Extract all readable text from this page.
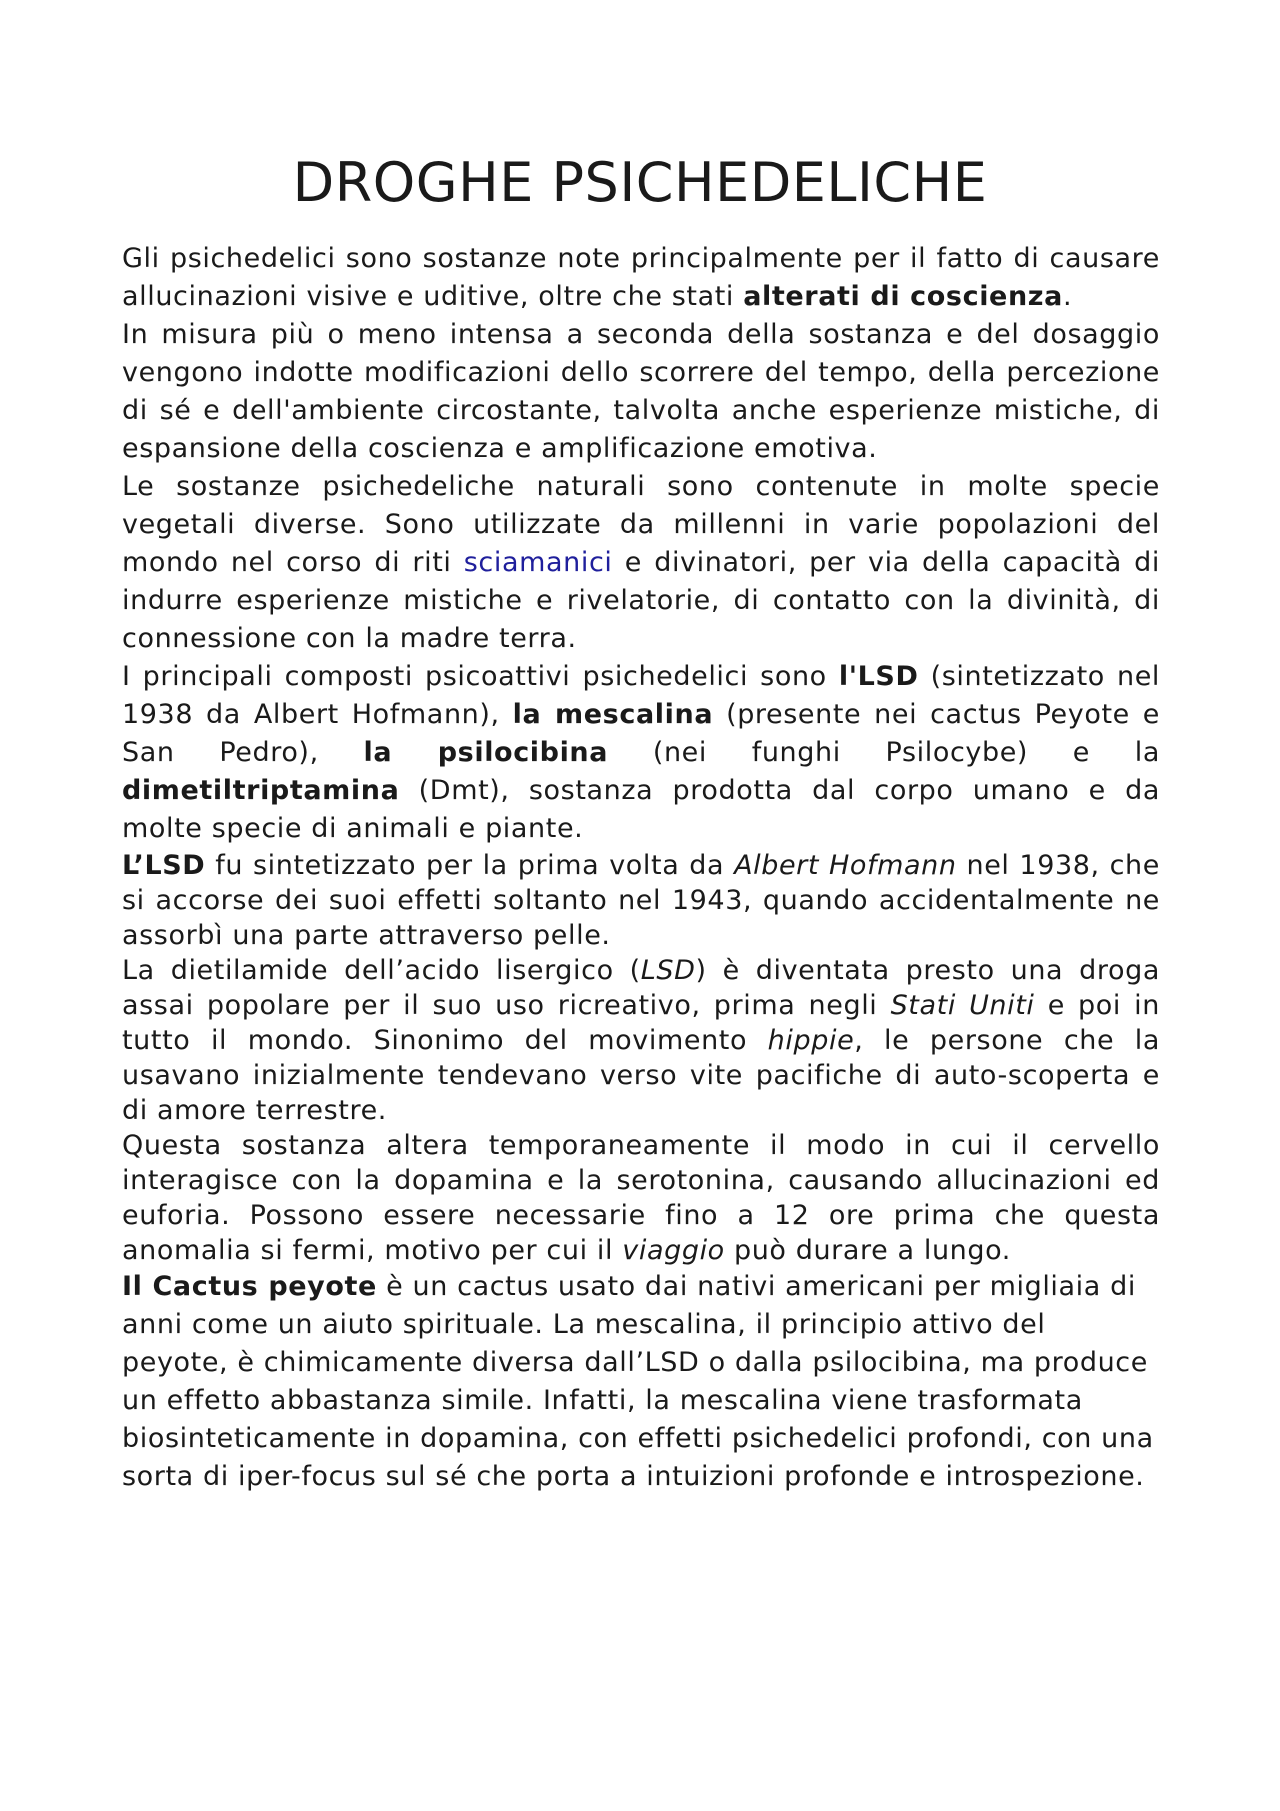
DROGHE PSICHEDELICHE

Gli psichedelici sono sostanze note principalmente per il fatto di causare allucinazioni visive e uditive, oltre che stati alterati di coscienza.

In misura più o meno intensa a seconda della sostanza e del dosaggio vengono indotte modificazioni dello scorrere del tempo, della percezione di sé e dell'ambiente circostante, talvolta anche esperienze mistiche, di espansione della coscienza e amplificazione emotiva.

Le sostanze psichedeliche naturali sono contenute in molte specie vegetali diverse. Sono utilizzate da millenni in varie popolazioni del mondo nel corso di riti sciamanici e divinatori, per via della capacità di indurre esperienze mistiche e rivelatorie, di contatto con la divinità, di connessione con la madre terra.

I principali composti psicoattivi psichedelici sono l'LSD (sintetizzato nel 1938 da Albert Hofmann), la mescalina (presente nei cactus Peyote e San Pedro), la psilocibina (nei funghi Psilocybe) e la dimetiltriptamina (Dmt), sostanza prodotta dal corpo umano e da molte specie di animali e piante.

L’LSD fu sintetizzato per la prima volta da Albert Hofmann nel 1938, che si accorse dei suoi effetti soltanto nel 1943, quando accidentalmente ne assorbì una parte attraverso pelle.

La dietilamide dell’acido lisergico (LSD) è diventata presto una droga assai popolare per il suo uso ricreativo, prima negli Stati Uniti e poi in tutto il mondo. Sinonimo del movimento hippie, le persone che la usavano inizialmente tendevano verso vite pacifiche di auto-scoperta e di amore terrestre.

Questa sostanza altera temporaneamente il modo in cui il cervello interagisce con la dopamina e la serotonina, causando allucinazioni ed euforia. Possono essere necessarie fino a 12 ore prima che questa anomalia si fermi, motivo per cui il viaggio può durare a lungo.

Il Cactus peyote è un cactus usato dai nativi americani per migliaia di anni come un aiuto spirituale. La mescalina, il principio attivo del peyote, è chimicamente diversa dall’LSD o dalla psilocibina, ma produce un effetto abbastanza simile. Infatti, la mescalina viene trasformata biosinteticamente in dopamina, con effetti psichedelici profondi, con una sorta di iper-focus sul sé che porta a intuizioni profonde e introspezione.
